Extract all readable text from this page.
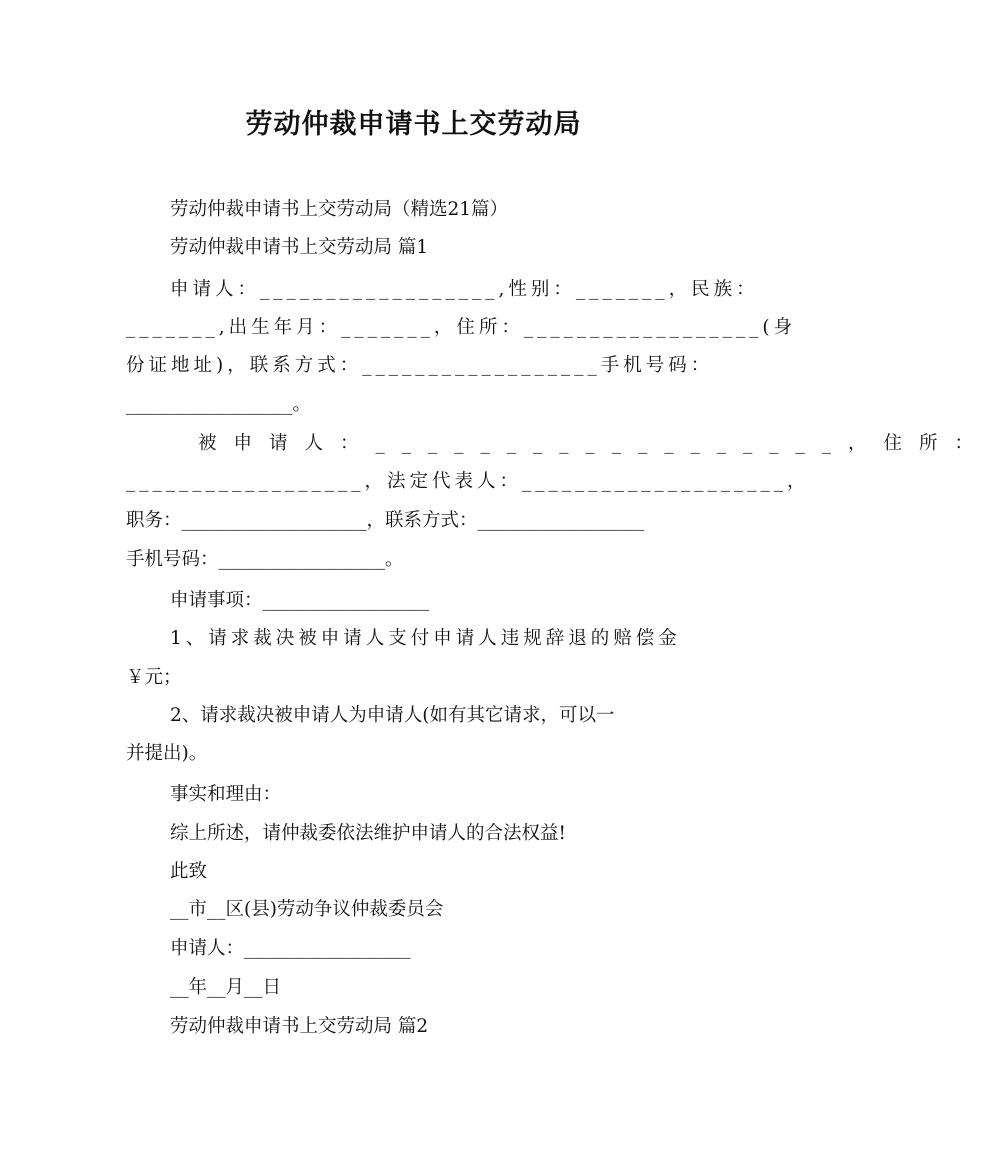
劳动仲裁申请书上交劳动局

劳动仲裁申请书上交劳动局（精选21篇）

劳动仲裁申请书上交劳动局 篇1

申请人：__________________,性别：_______，民族：

_______,出生年月：_______，住所：__________________(身

份证地址)，联系方式：__________________手机号码：

__________________。

被申请人：__________________，住所：

__________________，法定代表人：____________________，

职务：____________________，联系方式：__________________

手机号码：__________________。

申请事项：__________________

1、请求裁决被申请人支付申请人违规辞退的赔偿金

￥元；

2、请求裁决被申请人为申请人(如有其它请求，可以一

并提出)。

事实和理由：

综上所述，请仲裁委依法维护申请人的合法权益!

此致

__市__区(县)劳动争议仲裁委员会

申请人：__________________

__年__月__日

劳动仲裁申请书上交劳动局 篇2
